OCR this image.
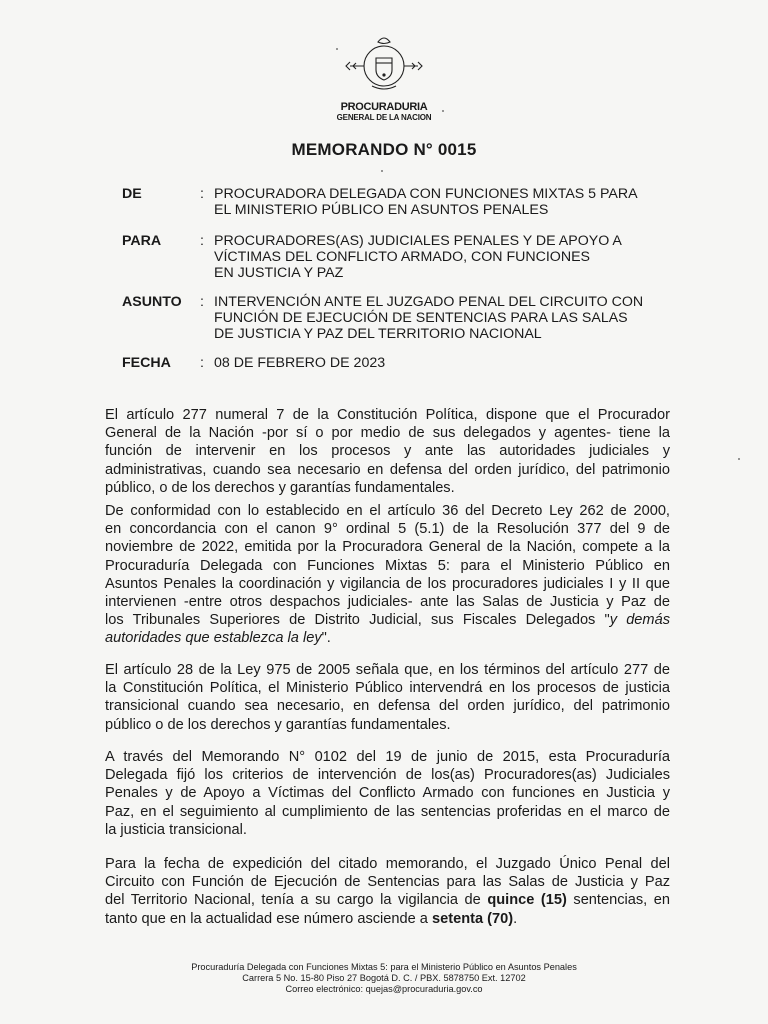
PROCURADURIA
GENERAL DE LA NACION
MEMORANDO N° 0015
DE	: PROCURADORA DELEGADA CON FUNCIONES MIXTAS 5 PARA
EL MINISTERIO PÚBLICO EN ASUNTOS PENALES
PARA	: PROCURADORES(AS) JUDICIALES PENALES Y DE APOYO A
VÍCTIMAS DEL CONFLICTO ARMADO, CON FUNCIONES
EN JUSTICIA Y PAZ
ASUNTO : INTERVENCIÓN ANTE EL JUZGADO PENAL DEL CIRCUITO CON
FUNCIÓN DE EJECUCIÓN DE SENTENCIAS PARA LAS SALAS
DE JUSTICIA Y PAZ DEL TERRITORIO NACIONAL
FECHA : 08 DE FEBRERO DE 2023
El artículo 277 numeral 7 de la Constitución Política, dispone que el Procurador
General de la Nación -por sí o por medio de sus delegados y agentes- tiene la
función de intervenir en los procesos y ante las autoridades judiciales y
administrativas, cuando sea necesario en defensa del orden jurídico, del patrimonio
público, o de los derechos y garantías fundamentales.
De conformidad con lo establecido en el artículo 36 del Decreto Ley 262 de 2000,
en concordancia con el canon 9° ordinal 5 (5.1) de la Resolución 377 del 9 de
noviembre de 2022, emitida por la Procuradora General de la Nación, compete a la
Procuraduría Delegada con Funciones Mixtas 5: para el Ministerio Público en
Asuntos Penales la coordinación y vigilancia de los procuradores judiciales I y II que
intervienen -entre otros despachos judiciales- ante las Salas de Justicia y Paz de
los Tribunales Superiores de Distrito Judicial, sus Fiscales Delegados "y demás
autoridades que establezca la ley".
El artículo 28 de la Ley 975 de 2005 señala que, en los términos del artículo 277 de
la Constitución Política, el Ministerio Público intervendrá en los procesos de justicia
transicional cuando sea necesario, en defensa del orden jurídico, del patrimonio
público o de los derechos y garantías fundamentales.
A través del Memorando N° 0102 del 19 de junio de 2015, esta Procuraduría
Delegada fijó los criterios de intervención de los(as) Procuradores(as) Judiciales
Penales y de Apoyo a Víctimas del Conflicto Armado con funciones en Justicia y
Paz, en el seguimiento al cumplimiento de las sentencias proferidas en el marco de
la justicia transicional.
Para la fecha de expedición del citado memorando, el Juzgado Único Penal del
Circuito con Función de Ejecución de Sentencias para las Salas de Justicia y Paz
del Territorio Nacional, tenía a su cargo la vigilancia de quince (15) sentencias, en
tanto que en la actualidad ese número asciende a setenta (70).
Procuraduría Delegada con Funciones Mixtas 5: para el Ministerio Público en Asuntos Penales
Carrera 5 No. 15-80 Piso 27 Bogotá D. C. / PBX. 5878750 Ext. 12702
Correo electrónico: quejas@procuraduria.gov.co
